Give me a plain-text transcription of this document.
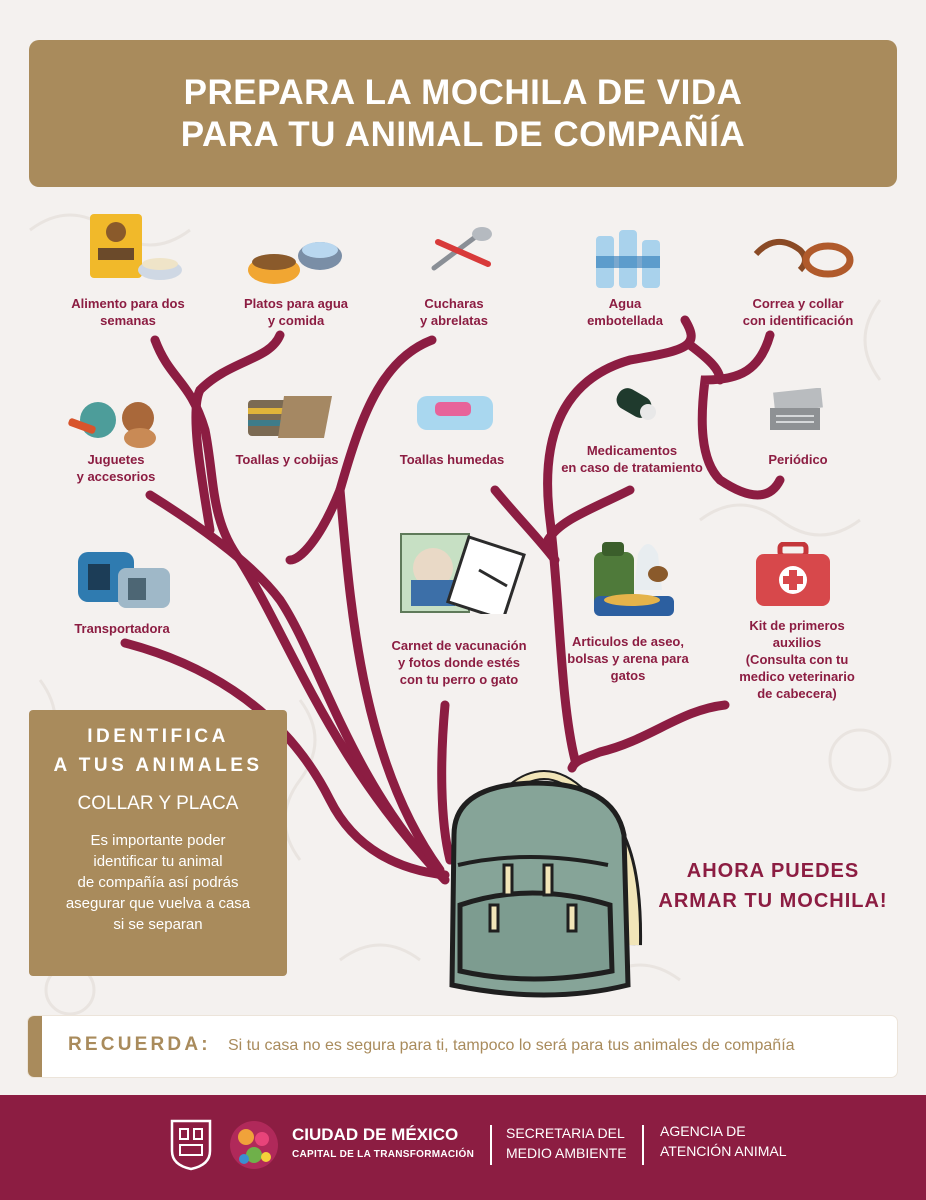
PREPARA LA MOCHILA DE VIDA
PARA TU ANIMAL DE COMPAÑÍA
Alimento para dos
semanas
Platos para agua
y comida
Cucharas
y abrelatas
Agua
embotellada
Correa y collar
con identificación
Juguetes
y accesorios
Toallas y cobijas	Toallas humedas
Medicamentos
en caso de tratamiento
Periódico
Transportadora
Carnet de vacunación
y fotos donde estés
con tu perro o gato
Articulos de aseo,
bolsas y arena para
gatos
Kit de primeros
auxilios
(Consulta con tu
medico veterinario
de cabecera)
IDENTIFICA
A TUS ANIMALES
COLLAR Y PLACA
Es importante poder
identificar tu animal
de compañía así podrás
asegurar que vuelva a casa
si se separan
AHORA PUEDES
ARMAR TU MOCHILA!
RECUERDA: Si tu casa no es segura para ti, tampoco lo será para tus animales de compañía
CIUDAD DE MÉXICO
CAPITAL DE LA TRANSFORMACIÓN
SECRETARIA DEL
MEDIO AMBIENTE
AGENCIA DE
ATENCIÓN ANIMAL
